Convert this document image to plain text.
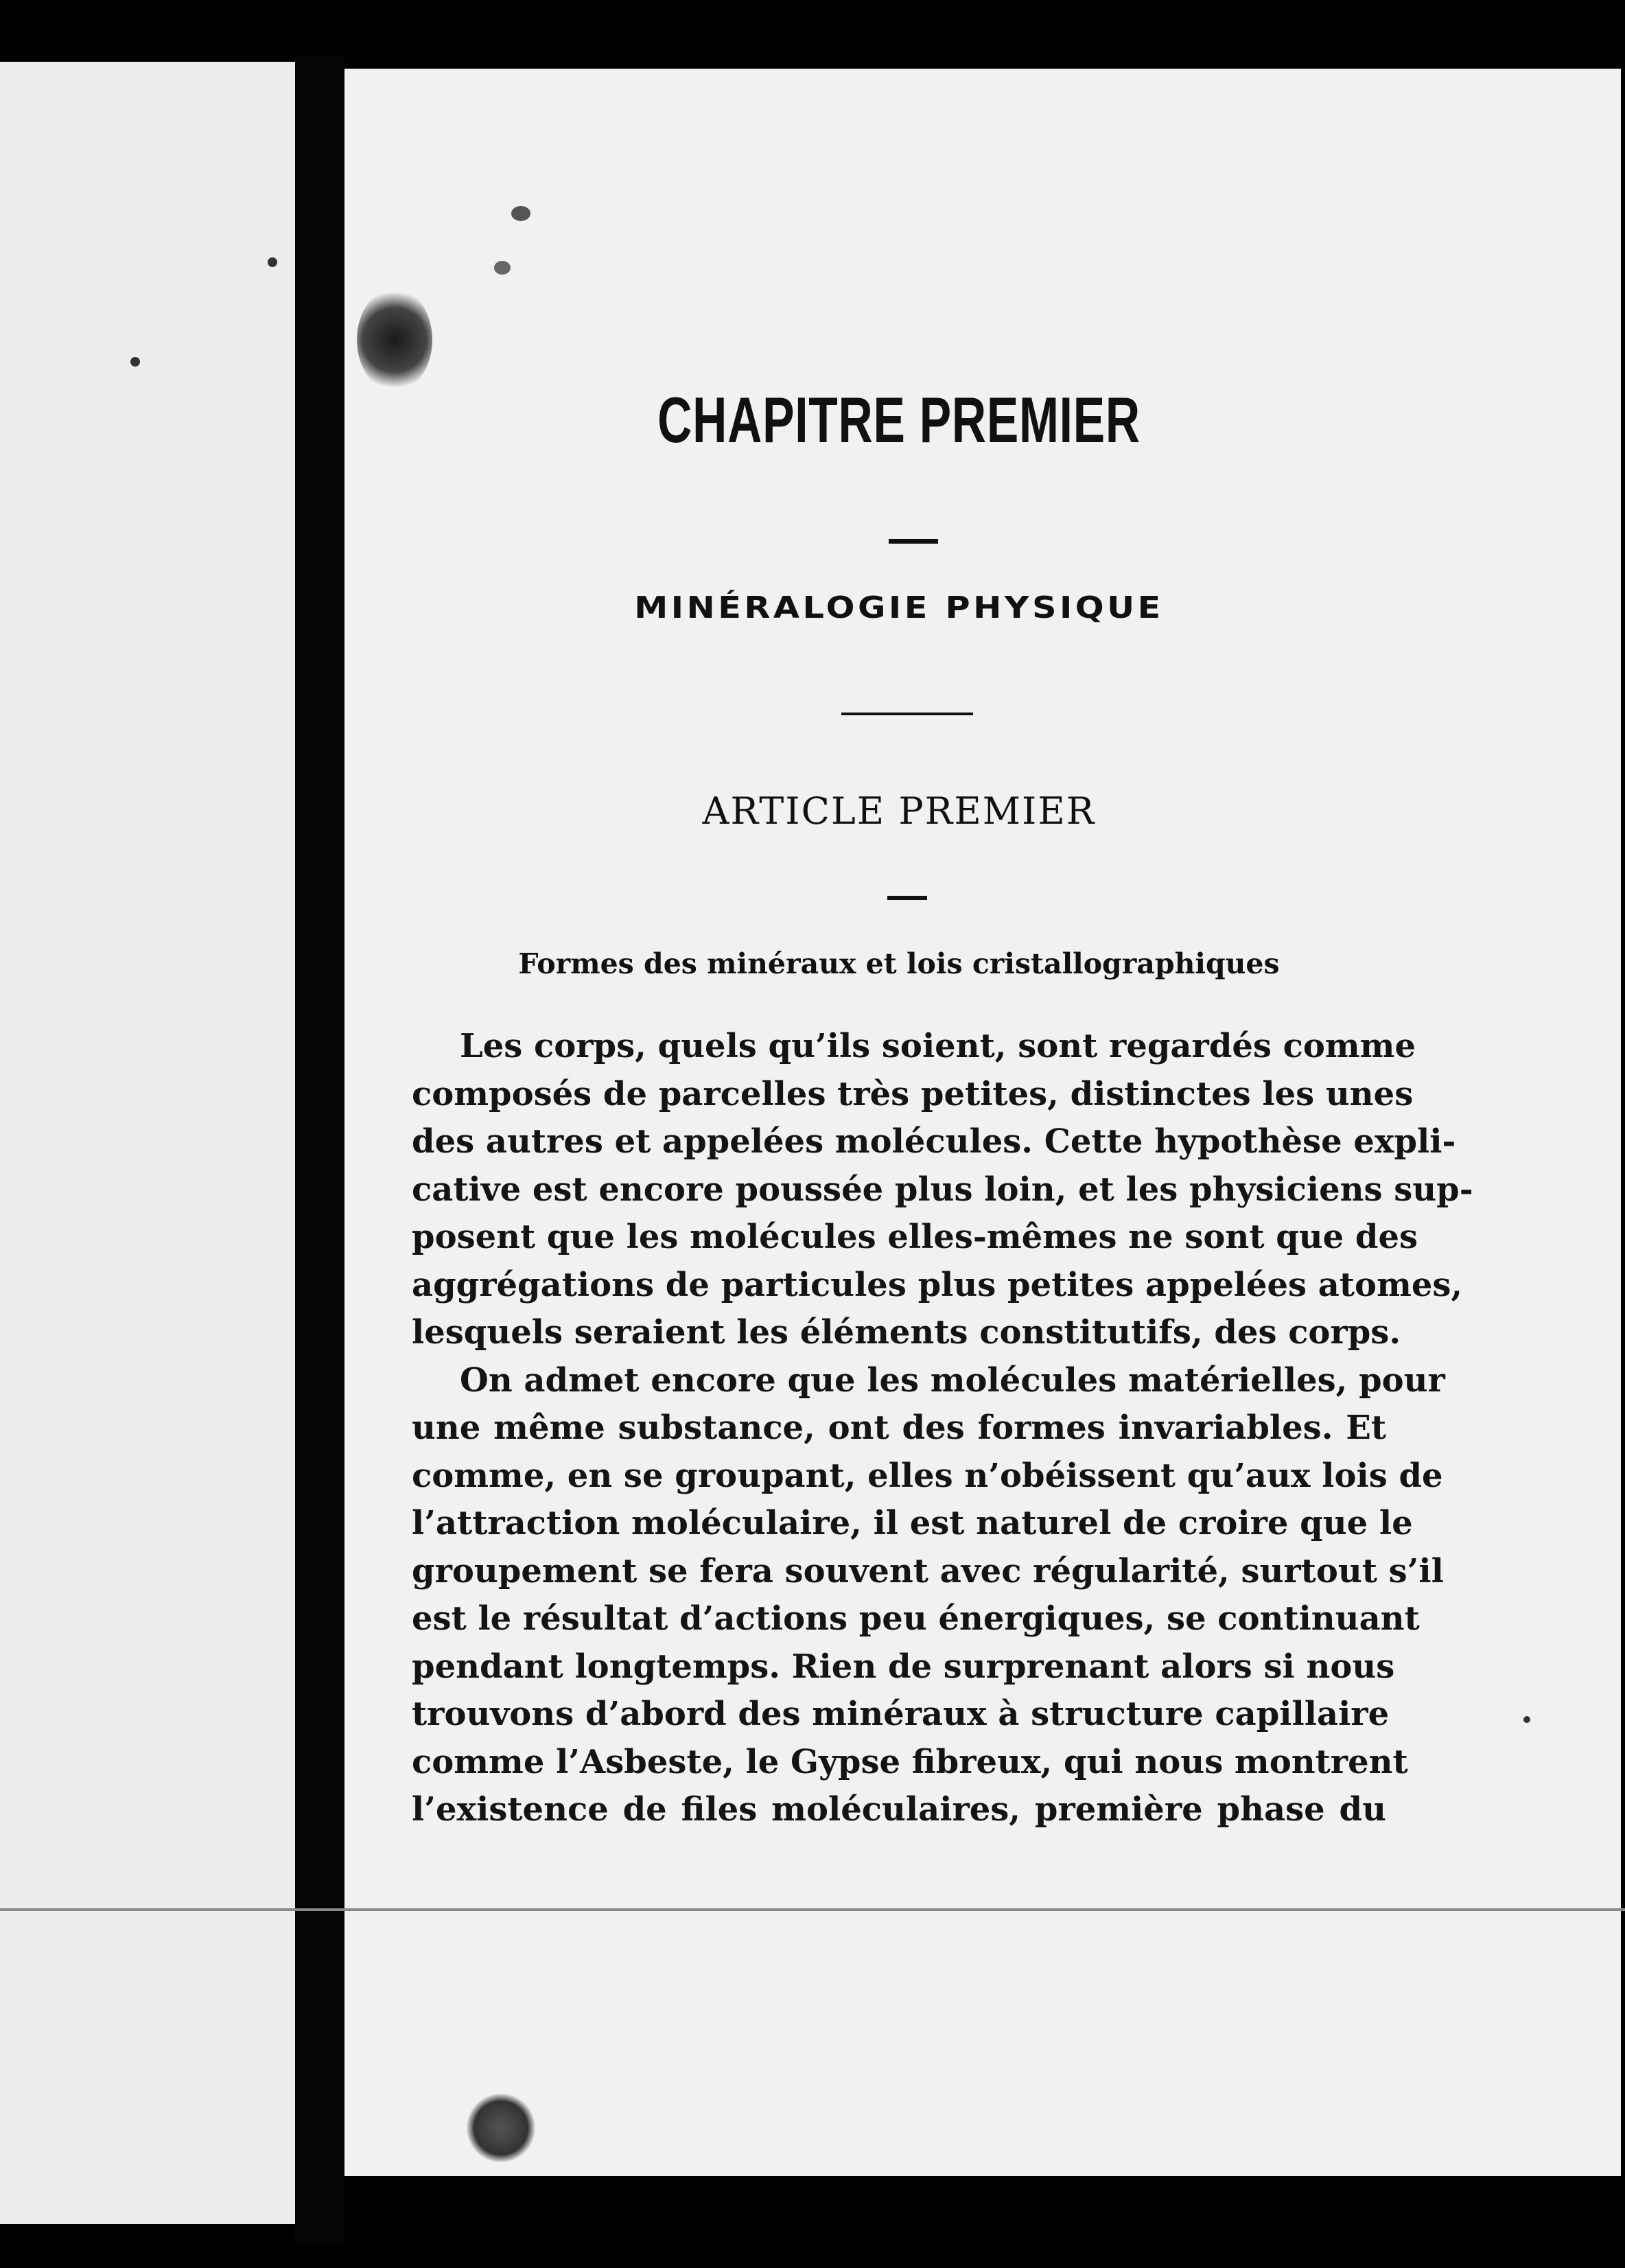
CHAPITRE PREMIER
MINÉRALOGIE PHYSIQUE
ARTICLE PREMIER
Formes des minéraux et lois cristallographiques
Les corps, quels qu’ils soient, sont regardés comme
composés de parcelles très petites, distinctes les unes
des autres et appelées molécules. Cette hypothèse expli-
cative est encore poussée plus loin, et les physiciens sup-
posent que les molécules elles-mêmes ne sont que des
aggrégations de particules plus petites appelées atomes,
lesquels seraient les éléments constitutifs, des corps.
On admet encore que les molécules matérielles, pour
une même substance, ont des formes invariables. Et
comme, en se groupant, elles n’obéissent qu’aux lois de
l’attraction moléculaire, il est naturel de croire que le
groupement se fera souvent avec régularité, surtout s’il
est le résultat d’actions peu énergiques, se continuant
pendant longtemps. Rien de surprenant alors si nous
trouvons d’abord des minéraux à structure capillaire
comme l’Asbeste, le Gypse fibreux, qui nous montrent
l’existence de files moléculaires, première phase du
